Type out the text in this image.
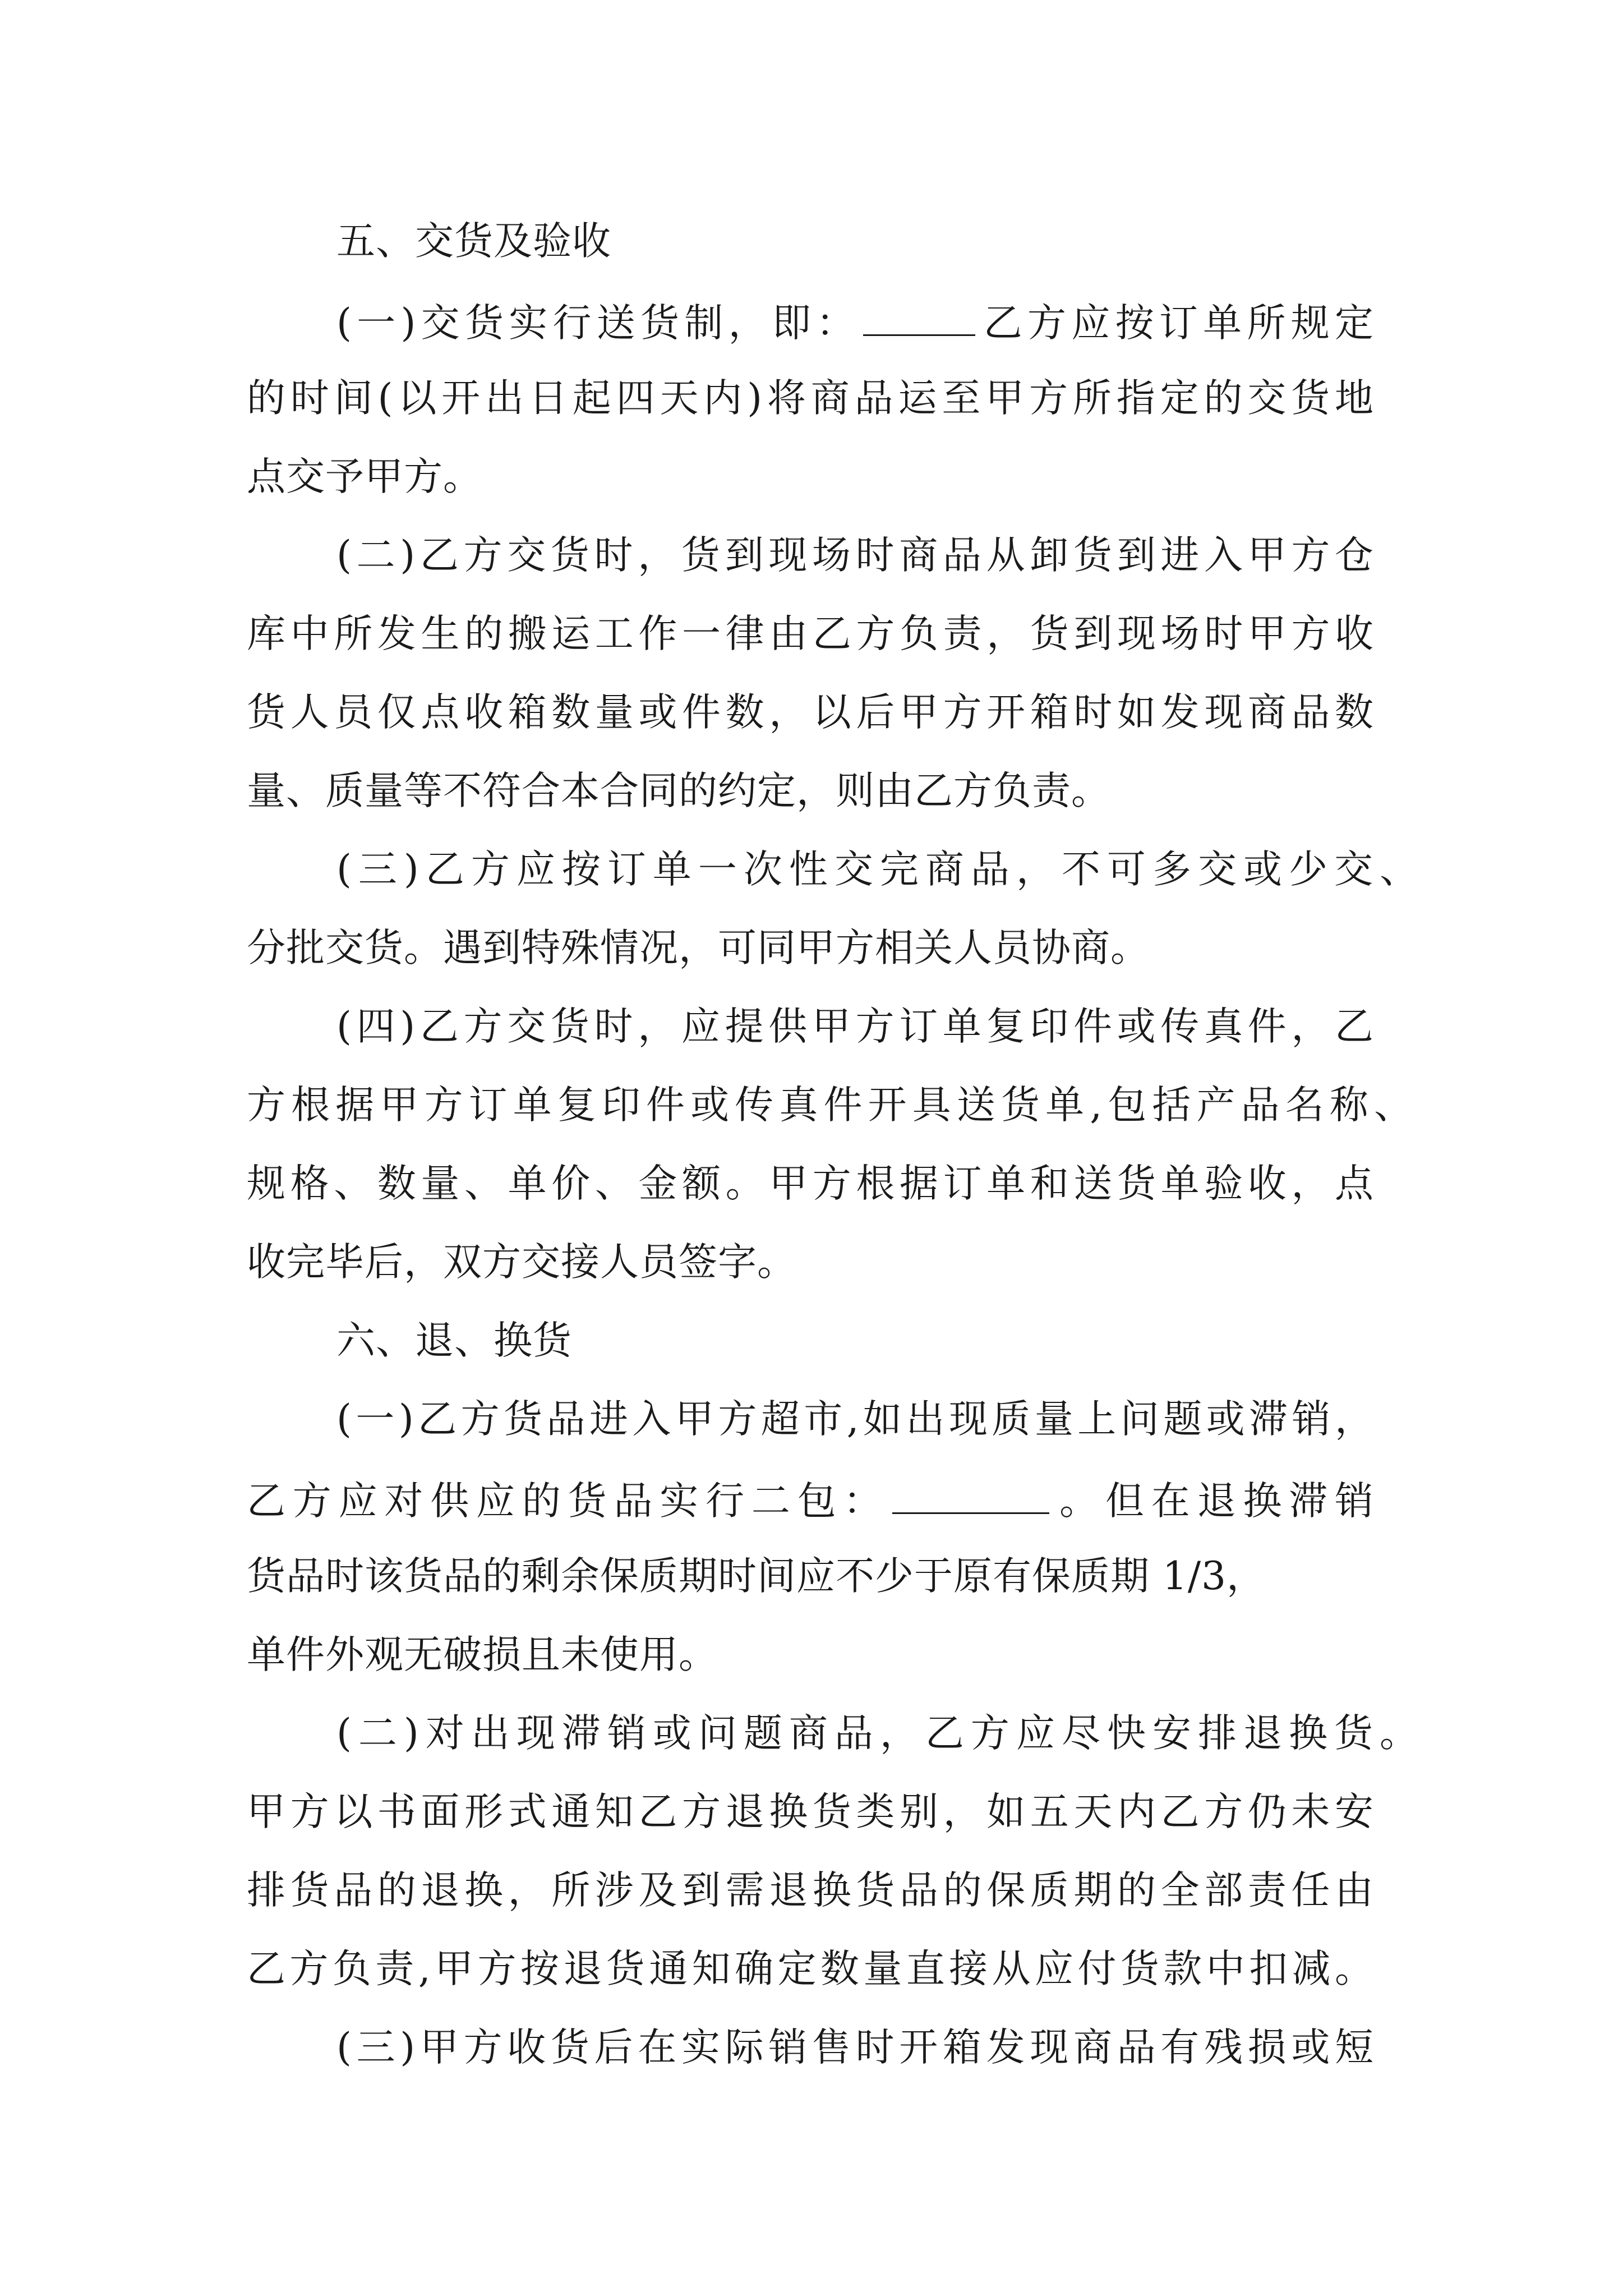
五、交货及验收
(一)交货实行送货制，即：	乙方应按订单所规定
的时间(以开出日起四天内)将商品运至甲方所指定的交货地
点交予甲方。
(二)乙方交货时，货到现场时商品从卸货到进入甲方仓
库中所发生的搬运工作一律由乙方负责，货到现场时甲方收
货人员仅点收箱数量或件数，以后甲方开箱时如发现商品数
量、质量等不符合本合同的约定，则由乙方负责。
(三)乙方应按订单一次性交完商品，不可多交或少交、
分批交货。遇到特殊情况，可同甲方相关人员协商。
(四)乙方交货时，应提供甲方订单复印件或传真件，乙
方根据甲方订单复印件或传真件开具送货单,包括产品名称、
规格、数量、单价、金额。甲方根据订单和送货单验收，点
收完毕后，双方交接人员签字。
六、退、换货
(一)乙方货品进入甲方超市,如出现质量上问题或滞销，
乙方应对供应的货品实行二包：	。但在退换滞销
货品时该货品的剩余保质期时间应不少于原有保质期 1/3，
单件外观无破损且未使用。
(二)对出现滞销或问题商品，乙方应尽快安排退换货。
甲方以书面形式通知乙方退换货类别，如五天内乙方仍未安
排货品的退换，所涉及到需退换货品的保质期的全部责任由
乙方负责,甲方按退货通知确定数量直接从应付货款中扣减。
(三)甲方收货后在实际销售时开箱发现商品有残损或短
